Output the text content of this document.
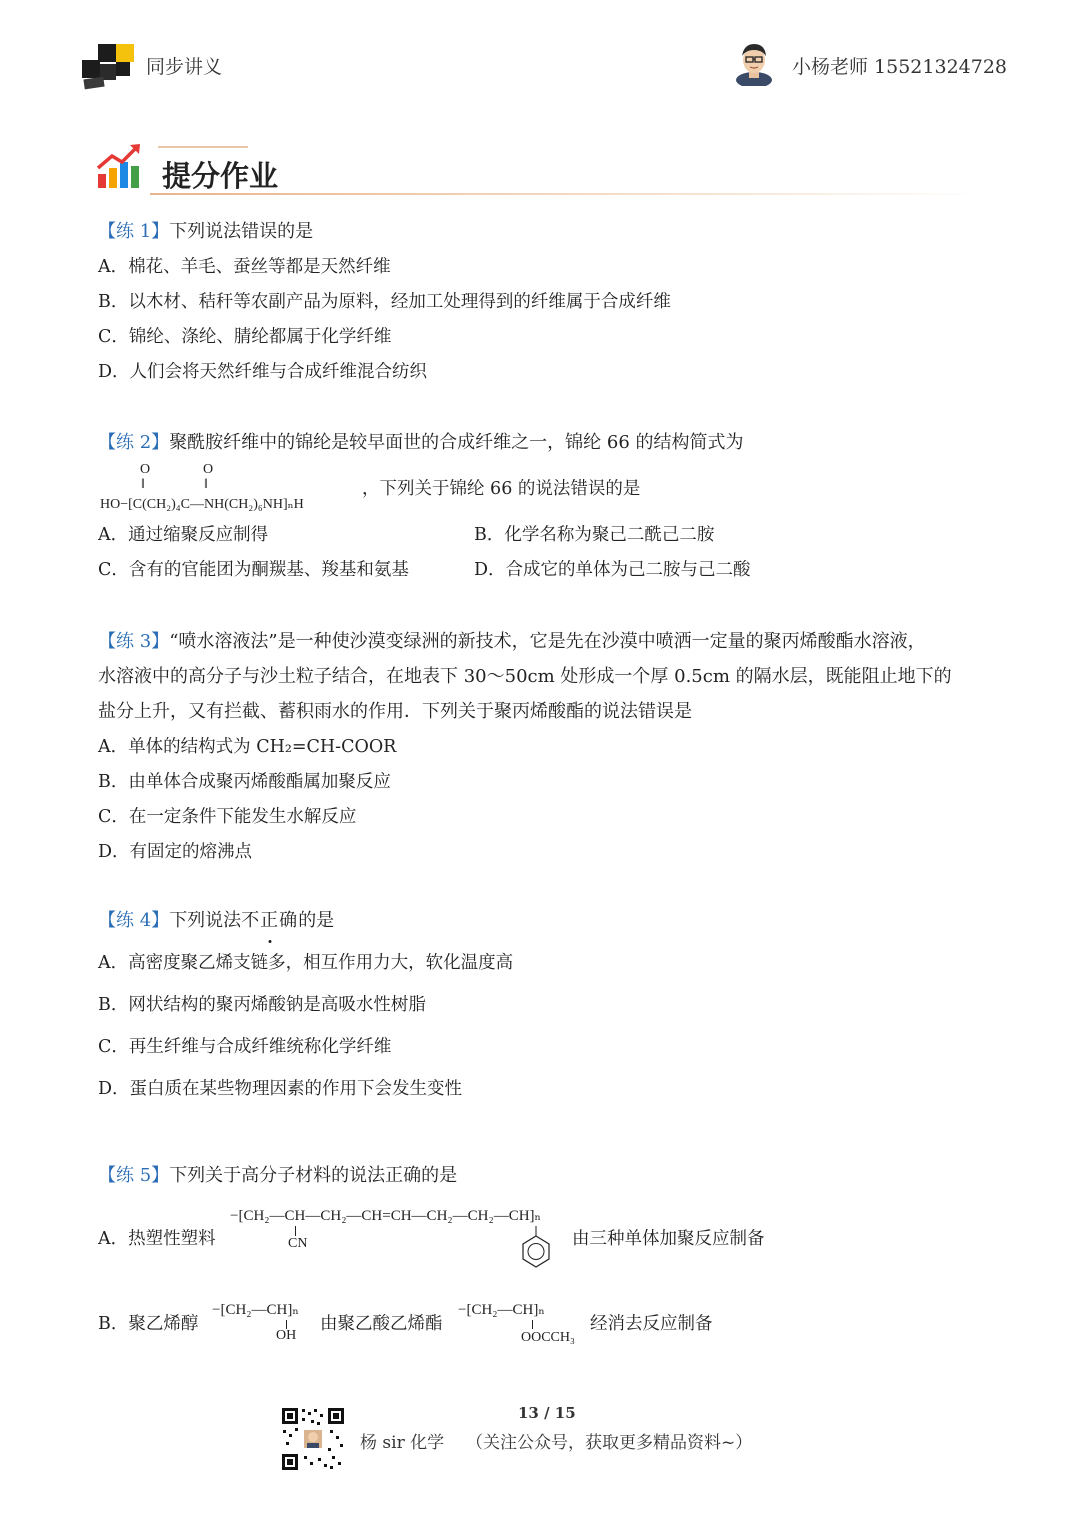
同步讲义	小杨老师 15521324728
提分作业
【练 1】下列说法错误的是
A．棉花、羊毛、蚕丝等都是天然纤维
B．以木材、秸秆等农副产品为原料，经加工处理得到的纤维属于合成纤维
C．锦纶、涤纶、腈纶都属于化学纤维
D．人们会将天然纤维与合成纤维混合纺织
【练 2】聚酰胺纤维中的锦纶是较早面世的合成纤维之一，锦纶 66 的结构简式为
O
‖
O
‖
HO−[C(CH₂)₄C—NH(CH₂)₆NH]ₙH
，下列关于锦纶 66 的说法错误的是
A．通过缩聚反应制得	B．化学名称为聚己二酰己二胺
C．含有的官能团为酮羰基、羧基和氨基	D．合成它的单体为己二胺与己二酸
【练 3】“喷水溶液法”是一种使沙漠变绿洲的新技术，它是先在沙漠中喷洒一定量的聚丙烯酸酯水溶液，
水溶液中的高分子与沙土粒子结合，在地表下 30～50cm 处形成一个厚 0.5cm 的隔水层，既能阻止地下的
盐分上升，又有拦截、蓄积雨水的作用．下列关于聚丙烯酸酯的说法错误是
A．单体的结构式为 CH₂=CH-COOR
B．由单体合成聚丙烯酸酯属加聚反应
C．在一定条件下能发生水解反应
D．有固定的熔沸点
【练 4】下列说法不正确的是
A．高密度聚乙烯支链多，相互作用力大，软化温度高
B．网状结构的聚丙烯酸钠是高吸水性树脂
C．再生纤维与合成纤维统称化学纤维
D．蛋白质在某些物理因素的作用下会发生变性
【练 5】下列关于高分子材料的说法正确的是
A．热塑性塑料
−[CH₂—CH—CH₂—CH=CH—CH₂—CH₂—CH]ₙ
CN	由三种单体加聚反应制备
B．聚乙烯醇
−[CH₂—CH]ₙ
OH
由聚乙酸乙烯酯
−[CH₂—CH]ₙ
OOCCH₃
经消去反应制备
13 / 15
杨 sir 化学 （关注公众号，获取更多精品资料~）
